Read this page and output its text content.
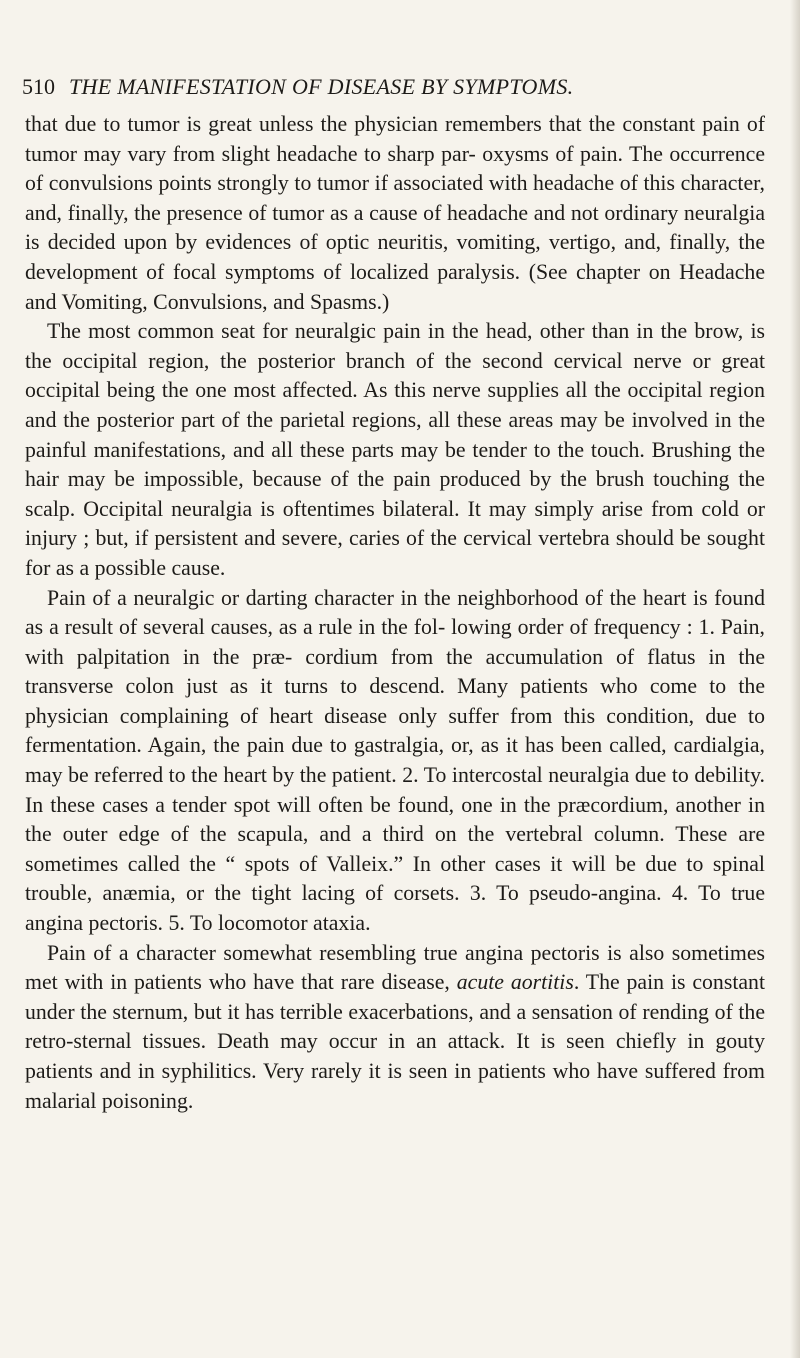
510 THE MANIFESTATION OF DISEASE BY SYMPTOMS.

that due to tumor is great unless the physician remembers that the constant pain of tumor may vary from slight headache to sharp par- oxysms of pain. The occurrence of convulsions points strongly to tumor if associated with headache of this character, and, finally, the presence of tumor as a cause of headache and not ordinary neuralgia is decided upon by evidences of optic neuritis, vomiting, vertigo, and, finally, the development of focal symptoms of localized paralysis. (See chapter on Headache and Vomiting, Convulsions, and Spasms.)

The most common seat for neuralgic pain in the head, other than in the brow, is the occipital region, the posterior branch of the second cervical nerve or great occipital being the one most affected. As this nerve supplies all the occipital region and the posterior part of the parietal regions, all these areas may be involved in the painful manifestations, and all these parts may be tender to the touch. Brushing the hair may be impossible, because of the pain produced by the brush touching the scalp. Occipital neuralgia is oftentimes bilateral. It may simply arise from cold or injury ; but, if persistent and severe, caries of the cervical vertebra should be sought for as a possible cause.

Pain of a neuralgic or darting character in the neighborhood of the heart is found as a result of several causes, as a rule in the fol- lowing order of frequency : 1. Pain, with palpitation in the præ- cordium from the accumulation of flatus in the transverse colon just as it turns to descend. Many patients who come to the physician complaining of heart disease only suffer from this condition, due to fermentation. Again, the pain due to gastralgia, or, as it has been called, cardialgia, may be referred to the heart by the patient. 2. To intercostal neuralgia due to debility. In these cases a tender spot will often be found, one in the præcordium, another in the outer edge of the scapula, and a third on the vertebral column. These are sometimes called the “ spots of Valleix.” In other cases it will be due to spinal trouble, anæmia, or the tight lacing of corsets. 3. To pseudo-angina. 4. To true angina pectoris. 5. To locomotor ataxia.

Pain of a character somewhat resembling true angina pectoris is also sometimes met with in patients who have that rare disease, acute aortitis. The pain is constant under the sternum, but it has terrible exacerbations, and a sensation of rending of the retro-sternal tissues. Death may occur in an attack. It is seen chiefly in gouty patients and in syphilitics. Very rarely it is seen in patients who have suffered from malarial poisoning.
